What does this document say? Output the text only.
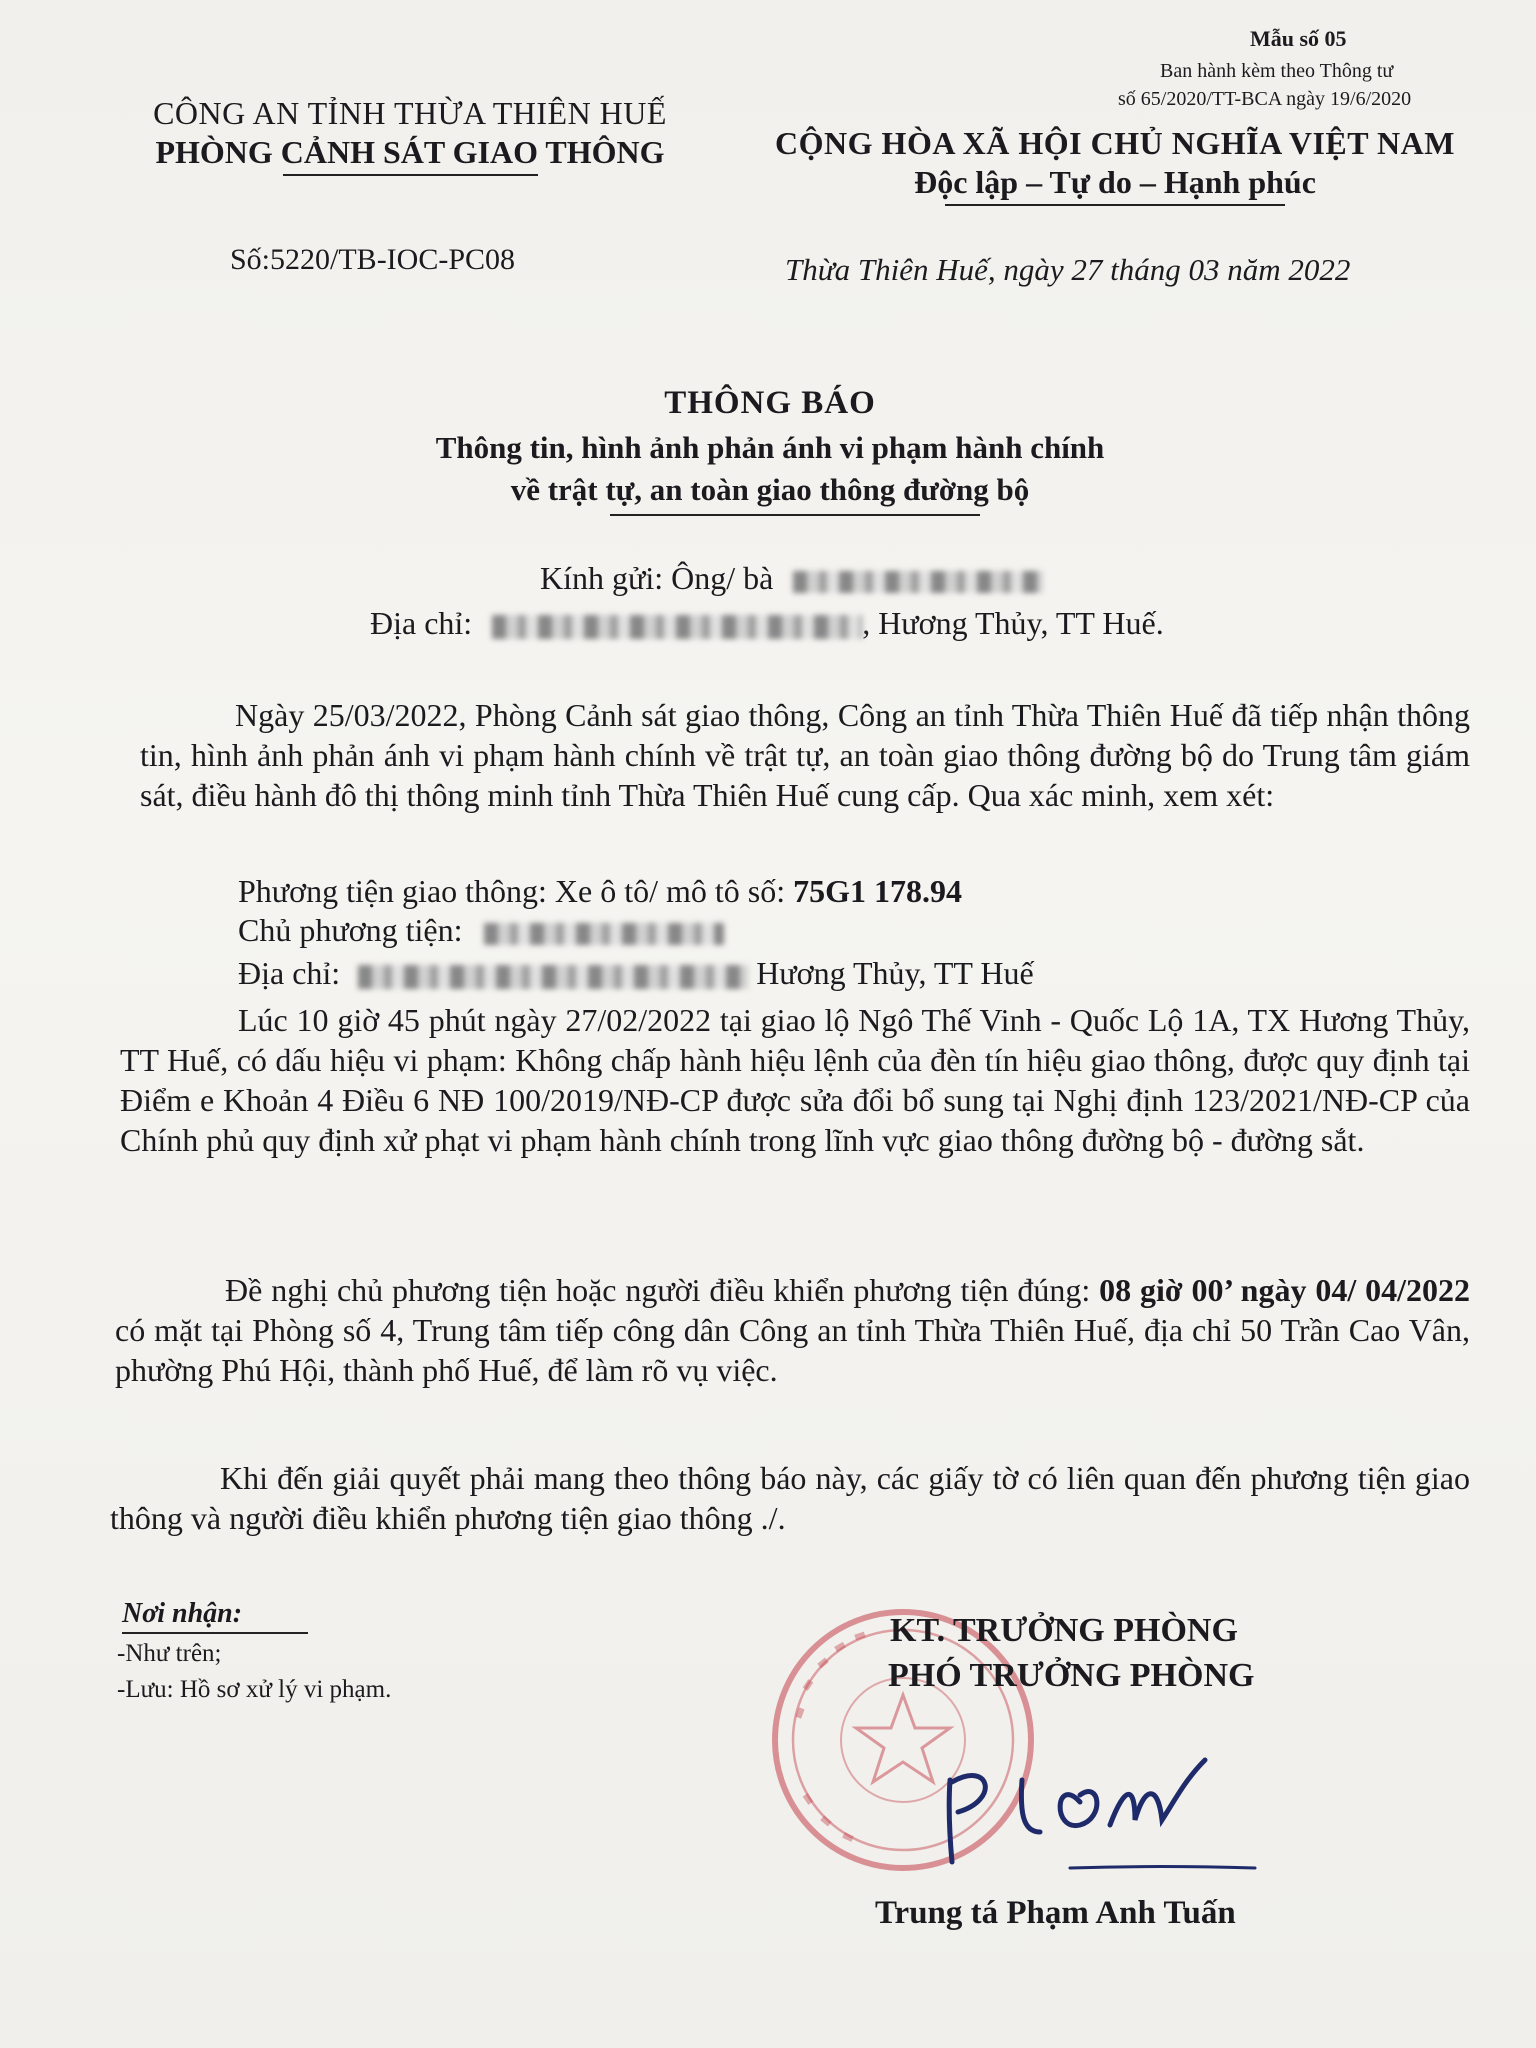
Mẫu số 05
Ban hành kèm theo Thông tư
số 65/2020/TT-BCA ngày 19/6/2020
CÔNG AN TỈNH THỪA THIÊN HUẾ
PHÒNG CẢNH SÁT GIAO THÔNG
Số:5220/TB-IOC-PC08
CỘNG HÒA XÃ HỘI CHỦ NGHĨA VIỆT NAM
Độc lập – Tự do – Hạnh phúc
Thừa Thiên Huế, ngày 27 tháng 03 năm 2022
THÔNG BÁO
Thông tin, hình ảnh phản ánh vi phạm hành chính
về trật tự, an toàn giao thông đường bộ
Kính gửi: Ông/ bà
Địa chỉ:	, Hương Thủy, TT Huế.
Ngày 25/03/2022, Phòng Cảnh sát giao thông, Công an tỉnh Thừa Thiên Huế đã tiếp nhận thông tin, hình ảnh phản ánh vi phạm hành chính về trật tự, an toàn giao thông đường bộ do Trung tâm giám sát, điều hành đô thị thông minh tỉnh Thừa Thiên Huế cung cấp. Qua xác minh, xem xét:
Phương tiện giao thông: Xe ô tô/ mô tô số: 75G1 178.94
Chủ phương tiện:
Địa chỉ:	Hương Thủy, TT Huế
Lúc 10 giờ 45 phút ngày 27/02/2022 tại giao lộ Ngô Thế Vinh - Quốc Lộ 1A, TX Hương Thủy, TT Huế, có dấu hiệu vi phạm: Không chấp hành hiệu lệnh của đèn tín hiệu giao thông, được quy định tại Điểm e Khoản 4 Điều 6 NĐ 100/2019/NĐ-CP được sửa đổi bổ sung tại Nghị định 123/2021/NĐ-CP của Chính phủ quy định xử phạt vi phạm hành chính trong lĩnh vực giao thông đường bộ - đường sắt.
Đề nghị chủ phương tiện hoặc người điều khiển phương tiện đúng: 08 giờ 00’ ngày 04/ 04/2022 có mặt tại Phòng số 4, Trung tâm tiếp công dân Công an tỉnh Thừa Thiên Huế, địa chỉ 50 Trần Cao Vân, phường Phú Hội, thành phố Huế, để làm rõ vụ việc.
Khi đến giải quyết phải mang theo thông báo này, các giấy tờ có liên quan đến phương tiện giao thông và người điều khiển phương tiện giao thông ./.
Nơi nhận:
-Như trên;
-Lưu: Hồ sơ xử lý vi phạm.
KT. TRƯỞNG PHÒNG
PHÓ TRƯỞNG PHÒNG
Trung tá Phạm Anh Tuấn
